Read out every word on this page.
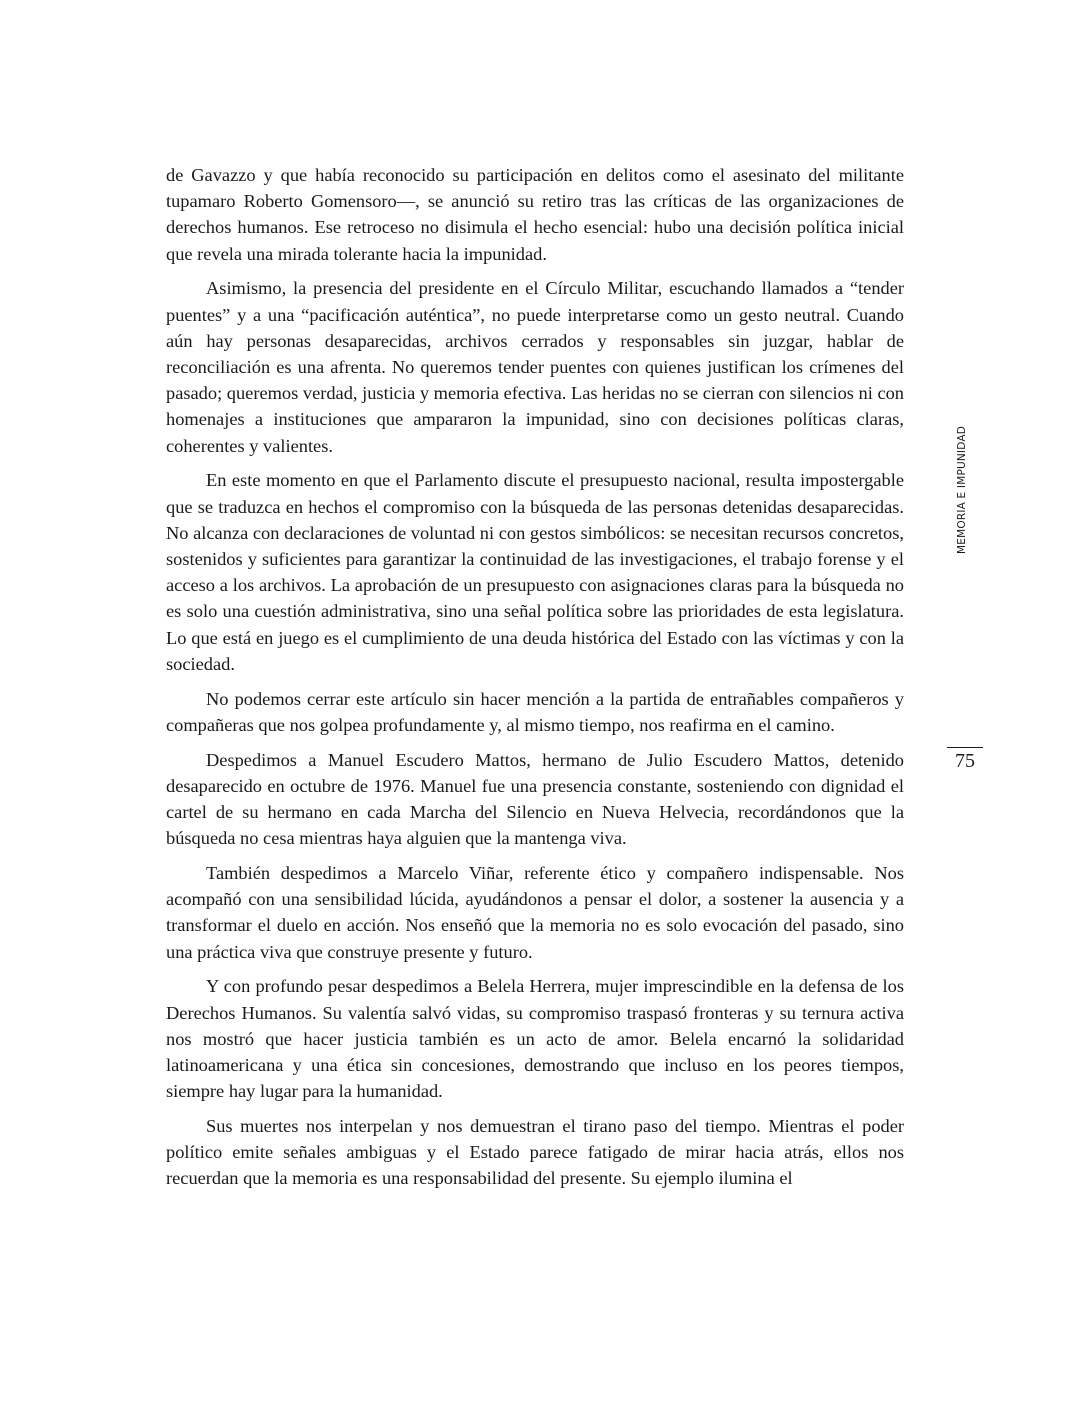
de Gavazzo y que había reconocido su participación en delitos como el asesinato del militante tupamaro Roberto Gomensoro—, se anunció su retiro tras las críticas de las organizaciones de derechos humanos. Ese retroceso no disimula el hecho esencial: hubo una decisión política inicial que revela una mirada tolerante hacia la impunidad.

Asimismo, la presencia del presidente en el Círculo Militar, escuchando llamados a “tender puentes” y a una “pacificación auténtica”, no puede interpretarse como un gesto neutral. Cuando aún hay personas desaparecidas, archivos cerrados y responsables sin juzgar, hablar de reconciliación es una afrenta. No queremos tender puentes con quienes justifican los crímenes del pasado; queremos verdad, justicia y memoria efectiva. Las heridas no se cierran con silencios ni con homenajes a instituciones que ampararon la impunidad, sino con decisiones políticas claras, coherentes y valientes.

En este momento en que el Parlamento discute el presupuesto nacional, resulta impostergable que se traduzca en hechos el compromiso con la búsqueda de las personas detenidas desaparecidas. No alcanza con declaraciones de voluntad ni con gestos simbólicos: se necesitan recursos concretos, sostenidos y suficientes para garantizar la continuidad de las investigaciones, el trabajo forense y el acceso a los archivos. La aprobación de un presupuesto con asignaciones claras para la búsqueda no es solo una cuestión administrativa, sino una señal política sobre las prioridades de esta legislatura. Lo que está en juego es el cumplimiento de una deuda histórica del Estado con las víctimas y con la sociedad.

No podemos cerrar este artículo sin hacer mención a la partida de entrañables compañeros y compañeras que nos golpea profundamente y, al mismo tiempo, nos reafirma en el camino.

Despedimos a Manuel Escudero Mattos, hermano de Julio Escudero Mattos, detenido desaparecido en octubre de 1976. Manuel fue una presencia constante, sosteniendo con dignidad el cartel de su hermano en cada Marcha del Silencio en Nueva Helvecia, recordándonos que la búsqueda no cesa mientras haya alguien que la mantenga viva.

También despedimos a Marcelo Viñar, referente ético y compañero indispensable. Nos acompañó con una sensibilidad lúcida, ayudándonos a pensar el dolor, a sostener la ausencia y a transformar el duelo en acción. Nos enseñó que la memoria no es solo evocación del pasado, sino una práctica viva que construye presente y futuro.

Y con profundo pesar despedimos a Belela Herrera, mujer imprescindible en la defensa de los Derechos Humanos. Su valentía salvó vidas, su compromiso traspasó fronteras y su ternura activa nos mostró que hacer justicia también es un acto de amor. Belela encarnó la solidaridad latinoamericana y una ética sin concesiones, demostrando que incluso en los peores tiempos, siempre hay lugar para la humanidad.

Sus muertes nos interpelan y nos demuestran el tirano paso del tiempo. Mientras el poder político emite señales ambiguas y el Estado parece fatigado de mirar hacia atrás, ellos nos recuerdan que la memoria es una responsabilidad del presente. Su ejemplo ilumina el

MEMORIA E IMPUNIDAD
75
